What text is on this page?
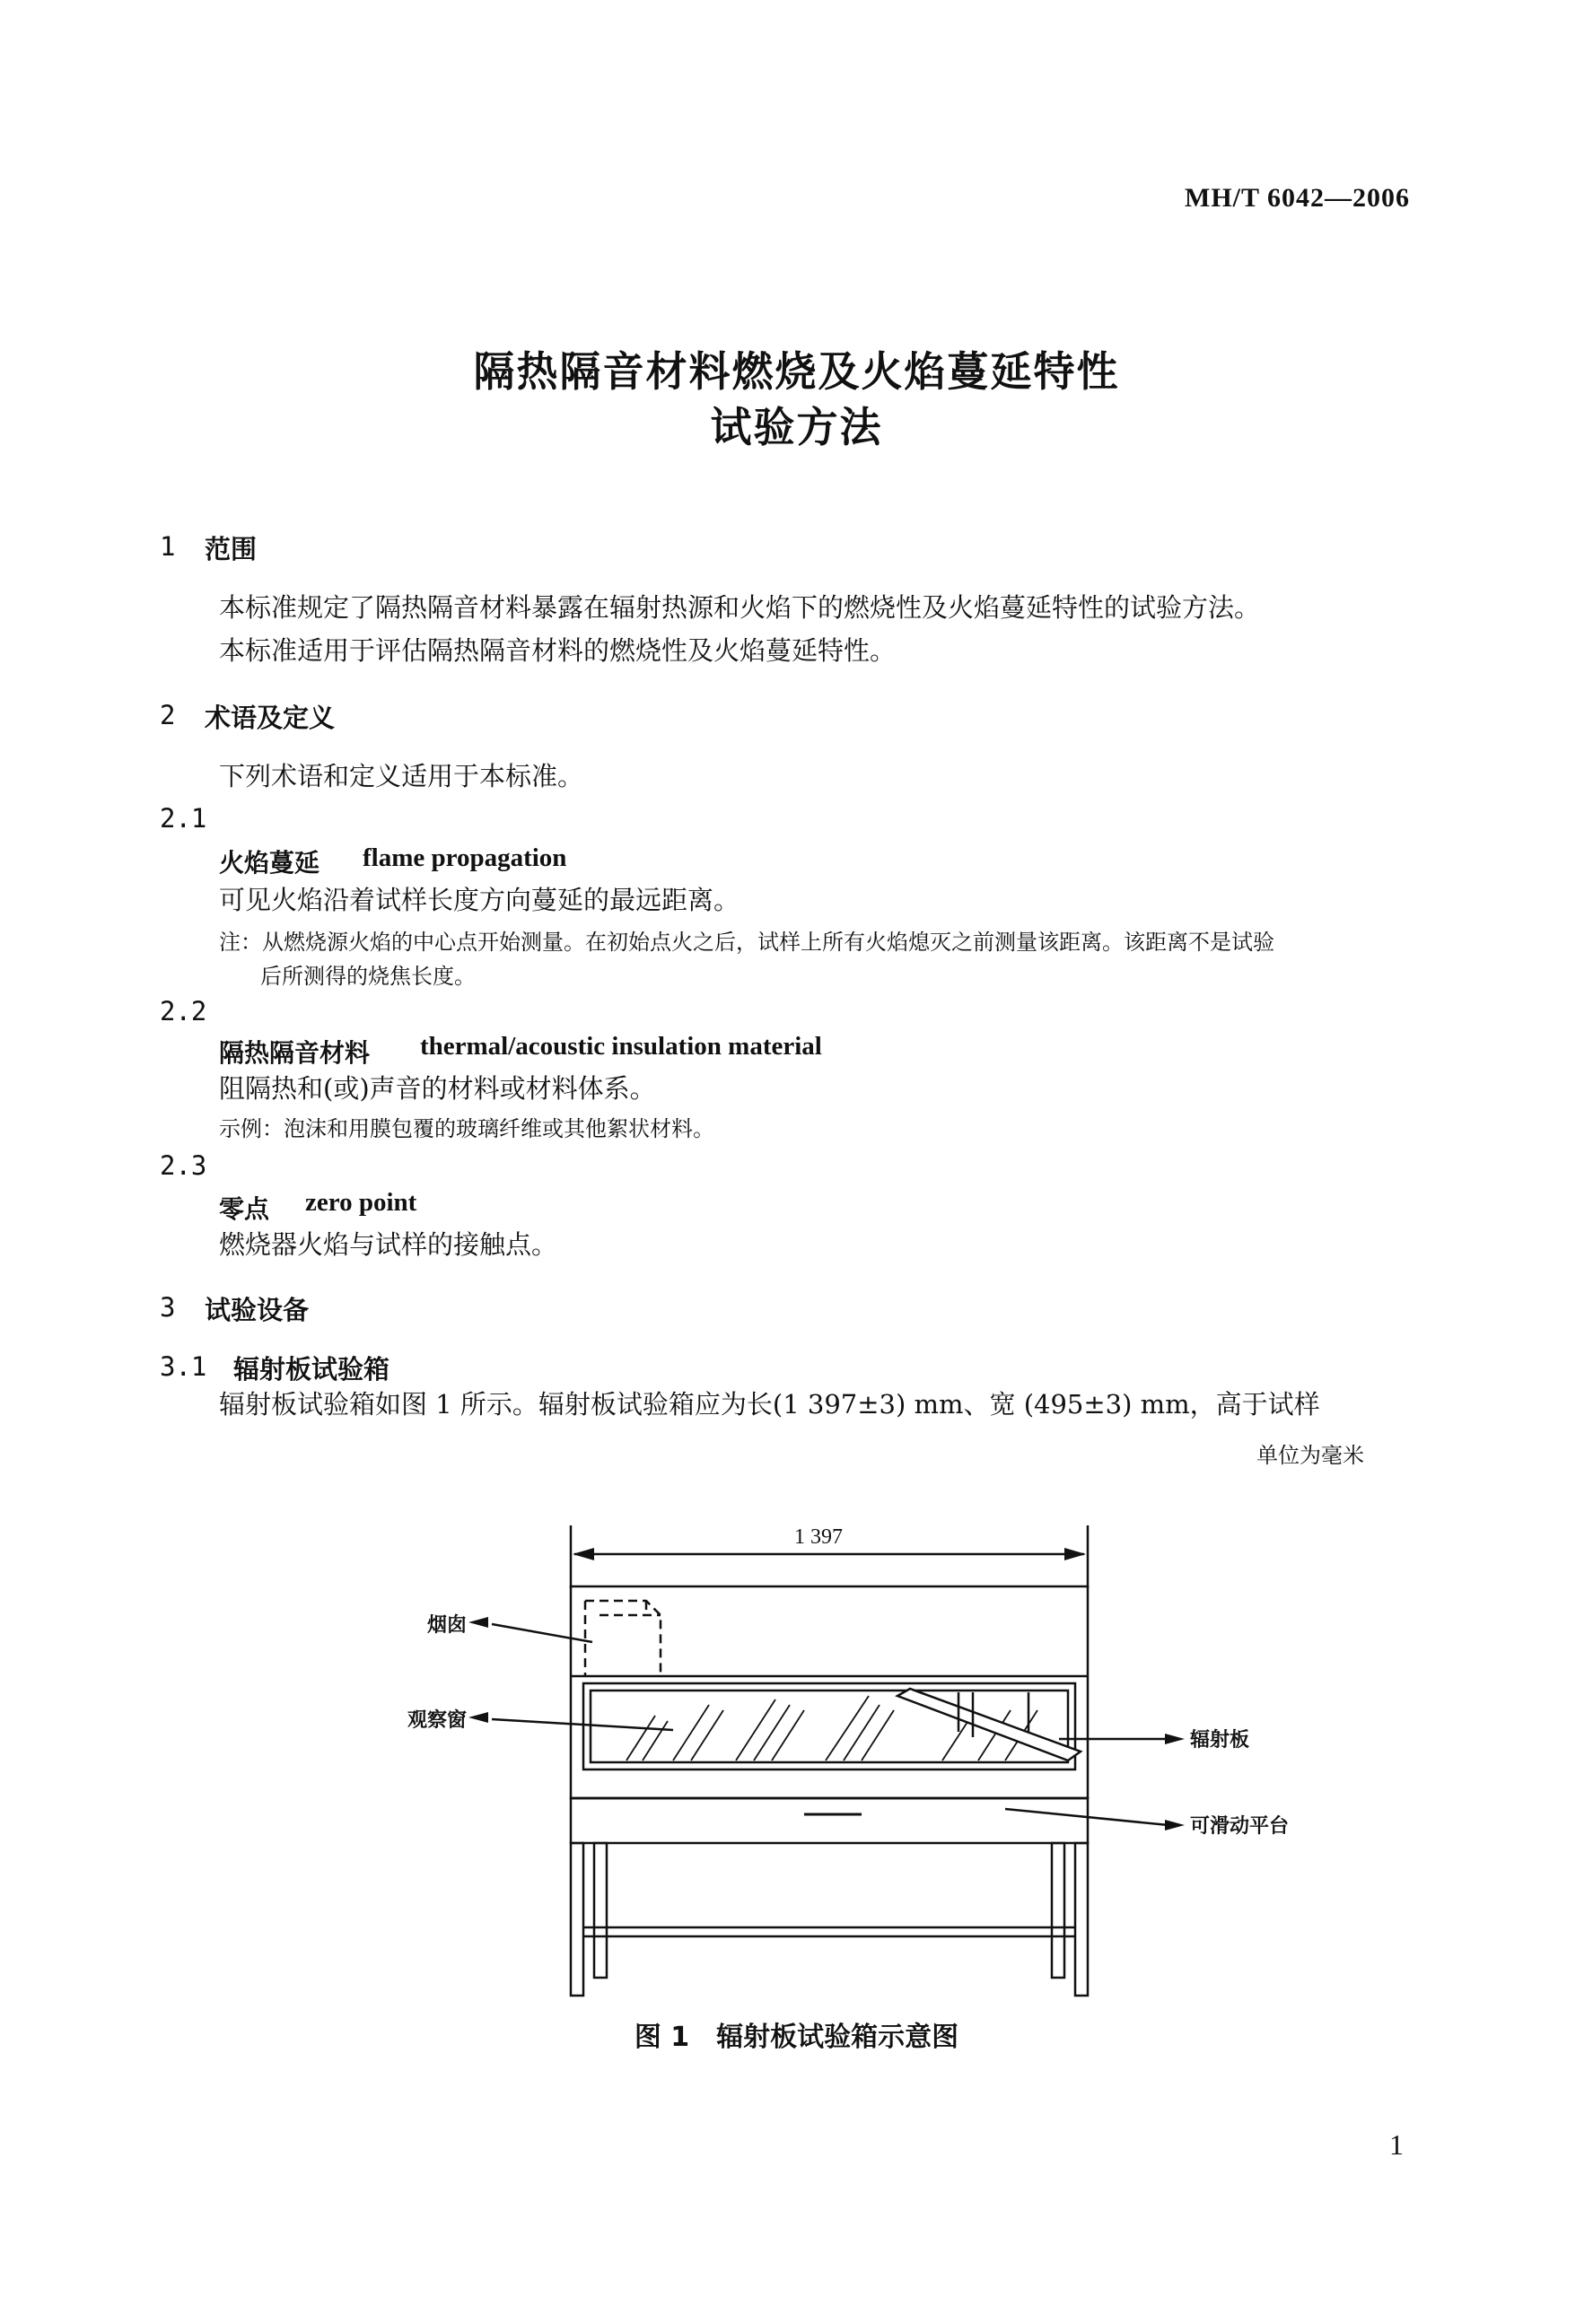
MH/T 6042—2006
隔热隔音材料燃烧及火焰蔓延特性
试验方法
1 范围
本标准规定了隔热隔音材料暴露在辐射热源和火焰下的燃烧性及火焰蔓延特性的试验方法。
本标准适用于评估隔热隔音材料的燃烧性及火焰蔓延特性。
2 术语及定义
下列术语和定义适用于本标准。
2.1
火焰蔓延 flame propagation
可见火焰沿着试样长度方向蔓延的最远距离。
注：从燃烧源火焰的中心点开始测量。在初始点火之后，试样上所有火焰熄灭之前测量该距离。该距离不是试验
后所测得的烧焦长度。
2.2
隔热隔音材料 thermal/acoustic insulation material
阻隔热和(或)声音的材料或材料体系。
示例：泡沫和用膜包覆的玻璃纤维或其他絮状材料。
2.3
零点 zero point
燃烧器火焰与试样的接触点。
3 试验设备
3.1 辐射板试验箱
辐射板试验箱如图 1 所示。辐射板试验箱应为长(1 397±3) mm、宽 (495±3) mm，高于试样
单位为毫米
1 397
烟囱
观察窗
辐射板
可滑动平台
图 1　辐射板试验箱示意图
1
